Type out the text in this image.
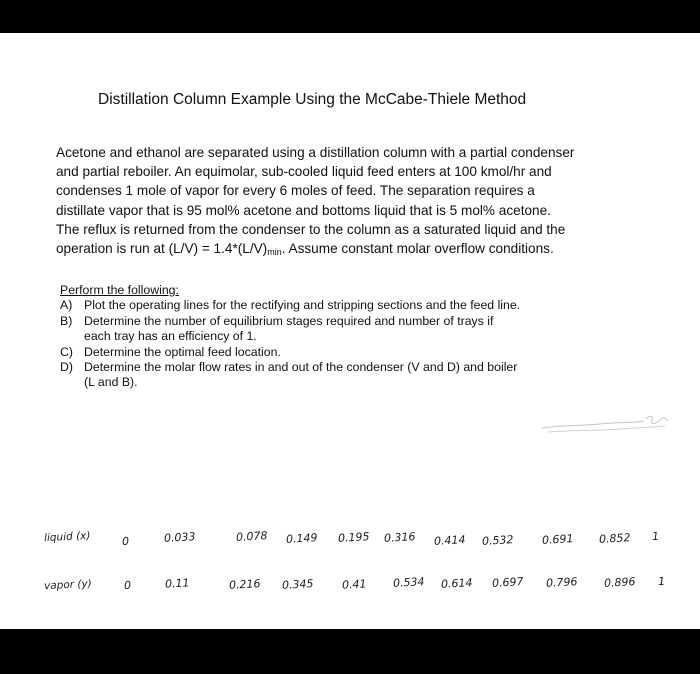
Distillation Column Example Using the McCabe-Thiele Method
Acetone and ethanol are separated using a distillation column with a partial condenser
and partial reboiler. An equimolar, sub-cooled liquid feed enters at 100 kmol/hr and
condenses 1 mole of vapor for every 6 moles of feed. The separation requires a
distillate vapor that is 95 mol% acetone and bottoms liquid that is 5 mol% acetone.
The reflux is returned from the condenser to the column as a saturated liquid and the
operation is run at $(L/V) = 1.4*(L/V)_{min}$. Assume constant molar overflow conditions.
Perform the following:
A) Plot the operating lines for the rectifying and stripping sections and the feed line.
B) Determine the number of equilibrium stages required and number of trays if
each tray has an efficiency of 1.
C) Determine the optimal feed location.
D) Determine the molar flow rates in and out of the condenser (V and D) and boiler
(L and B).
liquid (x)	0	0.033	0.078 0.149 0.195 0.316 0.414 0.532	0.691 0.852 1
vapor (y)	0	0.11	0.216 0.345	0.41 0.534 0.614 0.697 0.796 0.896 1
